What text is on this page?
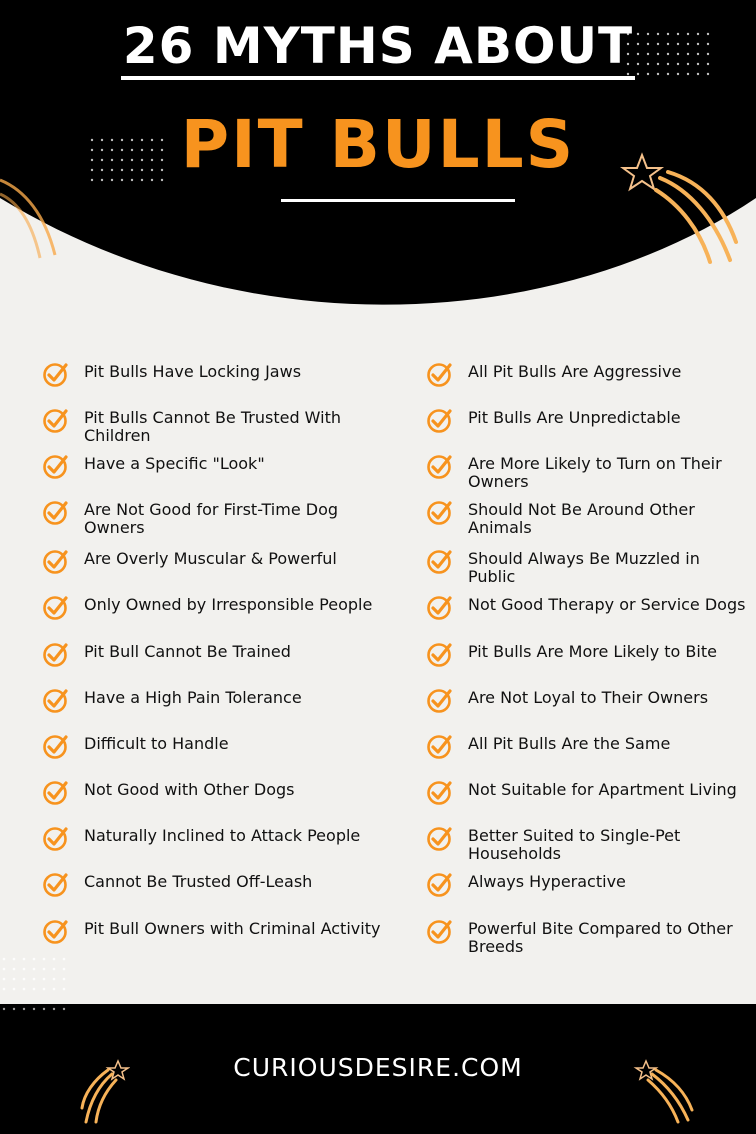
26 MYTHS ABOUT
PIT BULLS
Pit Bulls Have Locking Jaws
Pit Bulls Cannot Be Trusted With Children
Have a Specific "Look"
Are Not Good for First-Time Dog Owners
Are Overly Muscular & Powerful
Only Owned by Irresponsible People
Pit Bull Cannot Be Trained
Have a High Pain Tolerance
Difficult to Handle
Not Good with Other Dogs
Naturally Inclined to Attack People
Cannot Be Trusted Off-Leash
Pit Bull Owners with Criminal Activity
All Pit Bulls Are Aggressive
Pit Bulls Are Unpredictable
Are More Likely to Turn on Their Owners
Should Not Be Around Other Animals
Should Always Be Muzzled in Public
Not Good Therapy or Service Dogs
Pit Bulls Are More Likely to Bite
Are Not Loyal to Their Owners
All Pit Bulls Are the Same
Not Suitable for Apartment Living
Better Suited to Single-Pet Households
Always Hyperactive
Powerful Bite Compared to Other Breeds
CURIOUSDESIRE.COM
